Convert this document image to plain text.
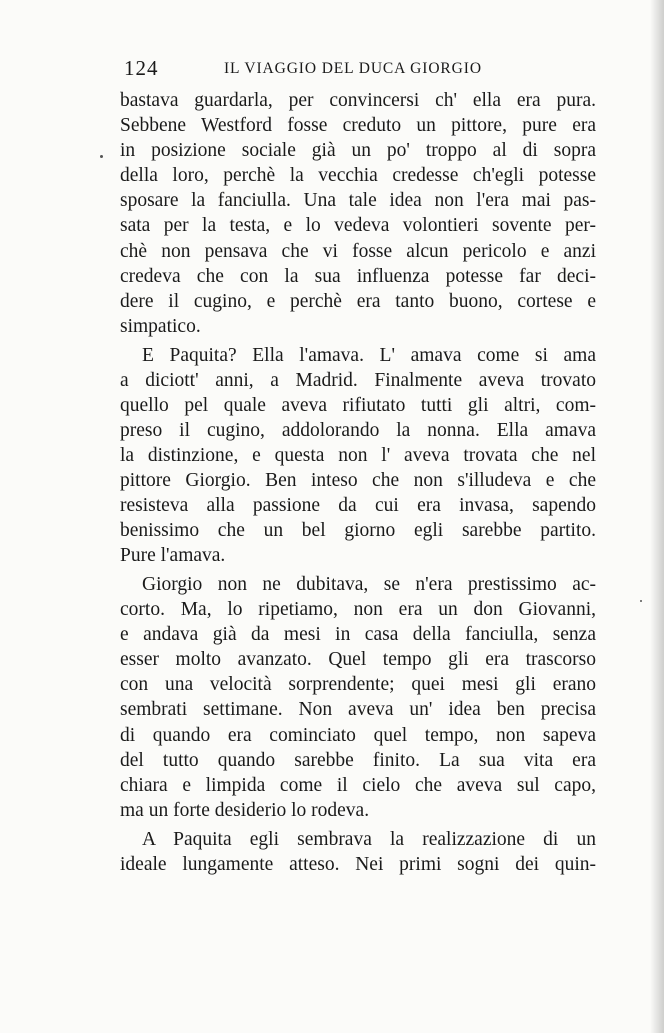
124	IL VIAGGIO DEL DUCA GIORGIO
bastava guardarla, per convincersi ch' ella era pura.
Sebbene Westford fosse creduto un pittore, pure era
in posizione sociale già un po' troppo al di sopra
della loro, perchè la vecchia credesse ch'egli potesse
sposare la fanciulla. Una tale idea non l'era mai pas-
sata per la testa, e lo vedeva volontieri sovente per-
chè non pensava che vi fosse alcun pericolo e anzi
credeva che con la sua influenza potesse far deci-
dere il cugino, e perchè era tanto buono, cortese e
simpatico.
E Paquita? Ella l'amava. L' amava come si ama
a diciott' anni, a Madrid. Finalmente aveva trovato
quello pel quale aveva rifiutato tutti gli altri, com-
preso il cugino, addolorando la nonna. Ella amava
la distinzione, e questa non l' aveva trovata che nel
pittore Giorgio. Ben inteso che non s'illudeva e che
resisteva alla passione da cui era invasa, sapendo
benissimo che un bel giorno egli sarebbe partito.
Pure l'amava.
Giorgio non ne dubitava, se n'era prestissimo ac-
corto. Ma, lo ripetiamo, non era un don Giovanni,
e andava già da mesi in casa della fanciulla, senza
esser molto avanzato. Quel tempo gli era trascorso
con una velocità sorprendente; quei mesi gli erano
sembrati settimane. Non aveva un' idea ben precisa
di quando era cominciato quel tempo, non sapeva
del tutto quando sarebbe finito. La sua vita era
chiara e limpida come il cielo che aveva sul capo,
ma un forte desiderio lo rodeva.
A Paquita egli sembrava la realizzazione di un
ideale lungamente atteso. Nei primi sogni dei quin-
